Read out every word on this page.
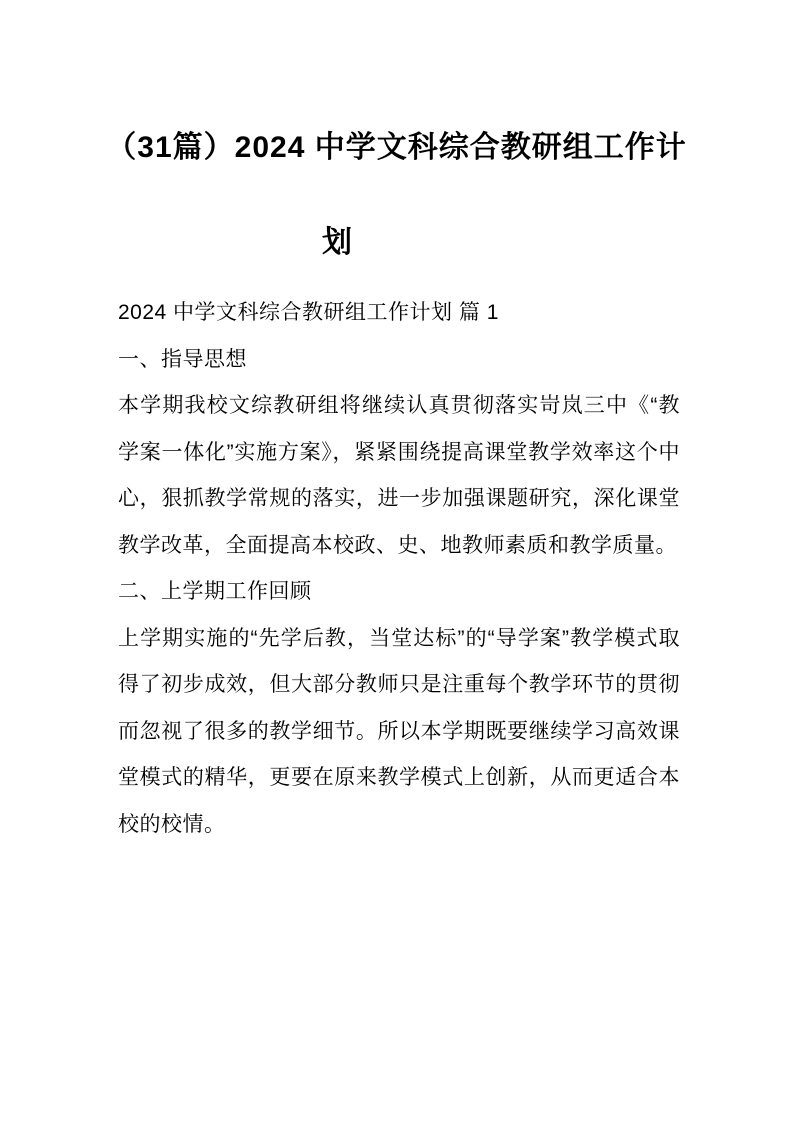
（31篇）2024 中学文科综合教研组工作计
划

2024 中学文科综合教研组工作计划 篇 1

一、指导思想

本学期我校文综教研组将继续认真贯彻落实岢岚三中《“教学案一体化”实施方案》，紧紧围绕提高课堂教学效率这个中心，狠抓教学常规的落实，进一步加强课题研究，深化课堂教学改革，全面提高本校政、史、地教师素质和教学质量。

二、上学期工作回顾

上学期实施的“先学后教，当堂达标”的“导学案”教学模式取得了初步成效，但大部分教师只是注重每个教学环节的贯彻而忽视了很多的教学细节。所以本学期既要继续学习高效课堂模式的精华，更要在原来教学模式上创新，从而更适合本校的校情。
